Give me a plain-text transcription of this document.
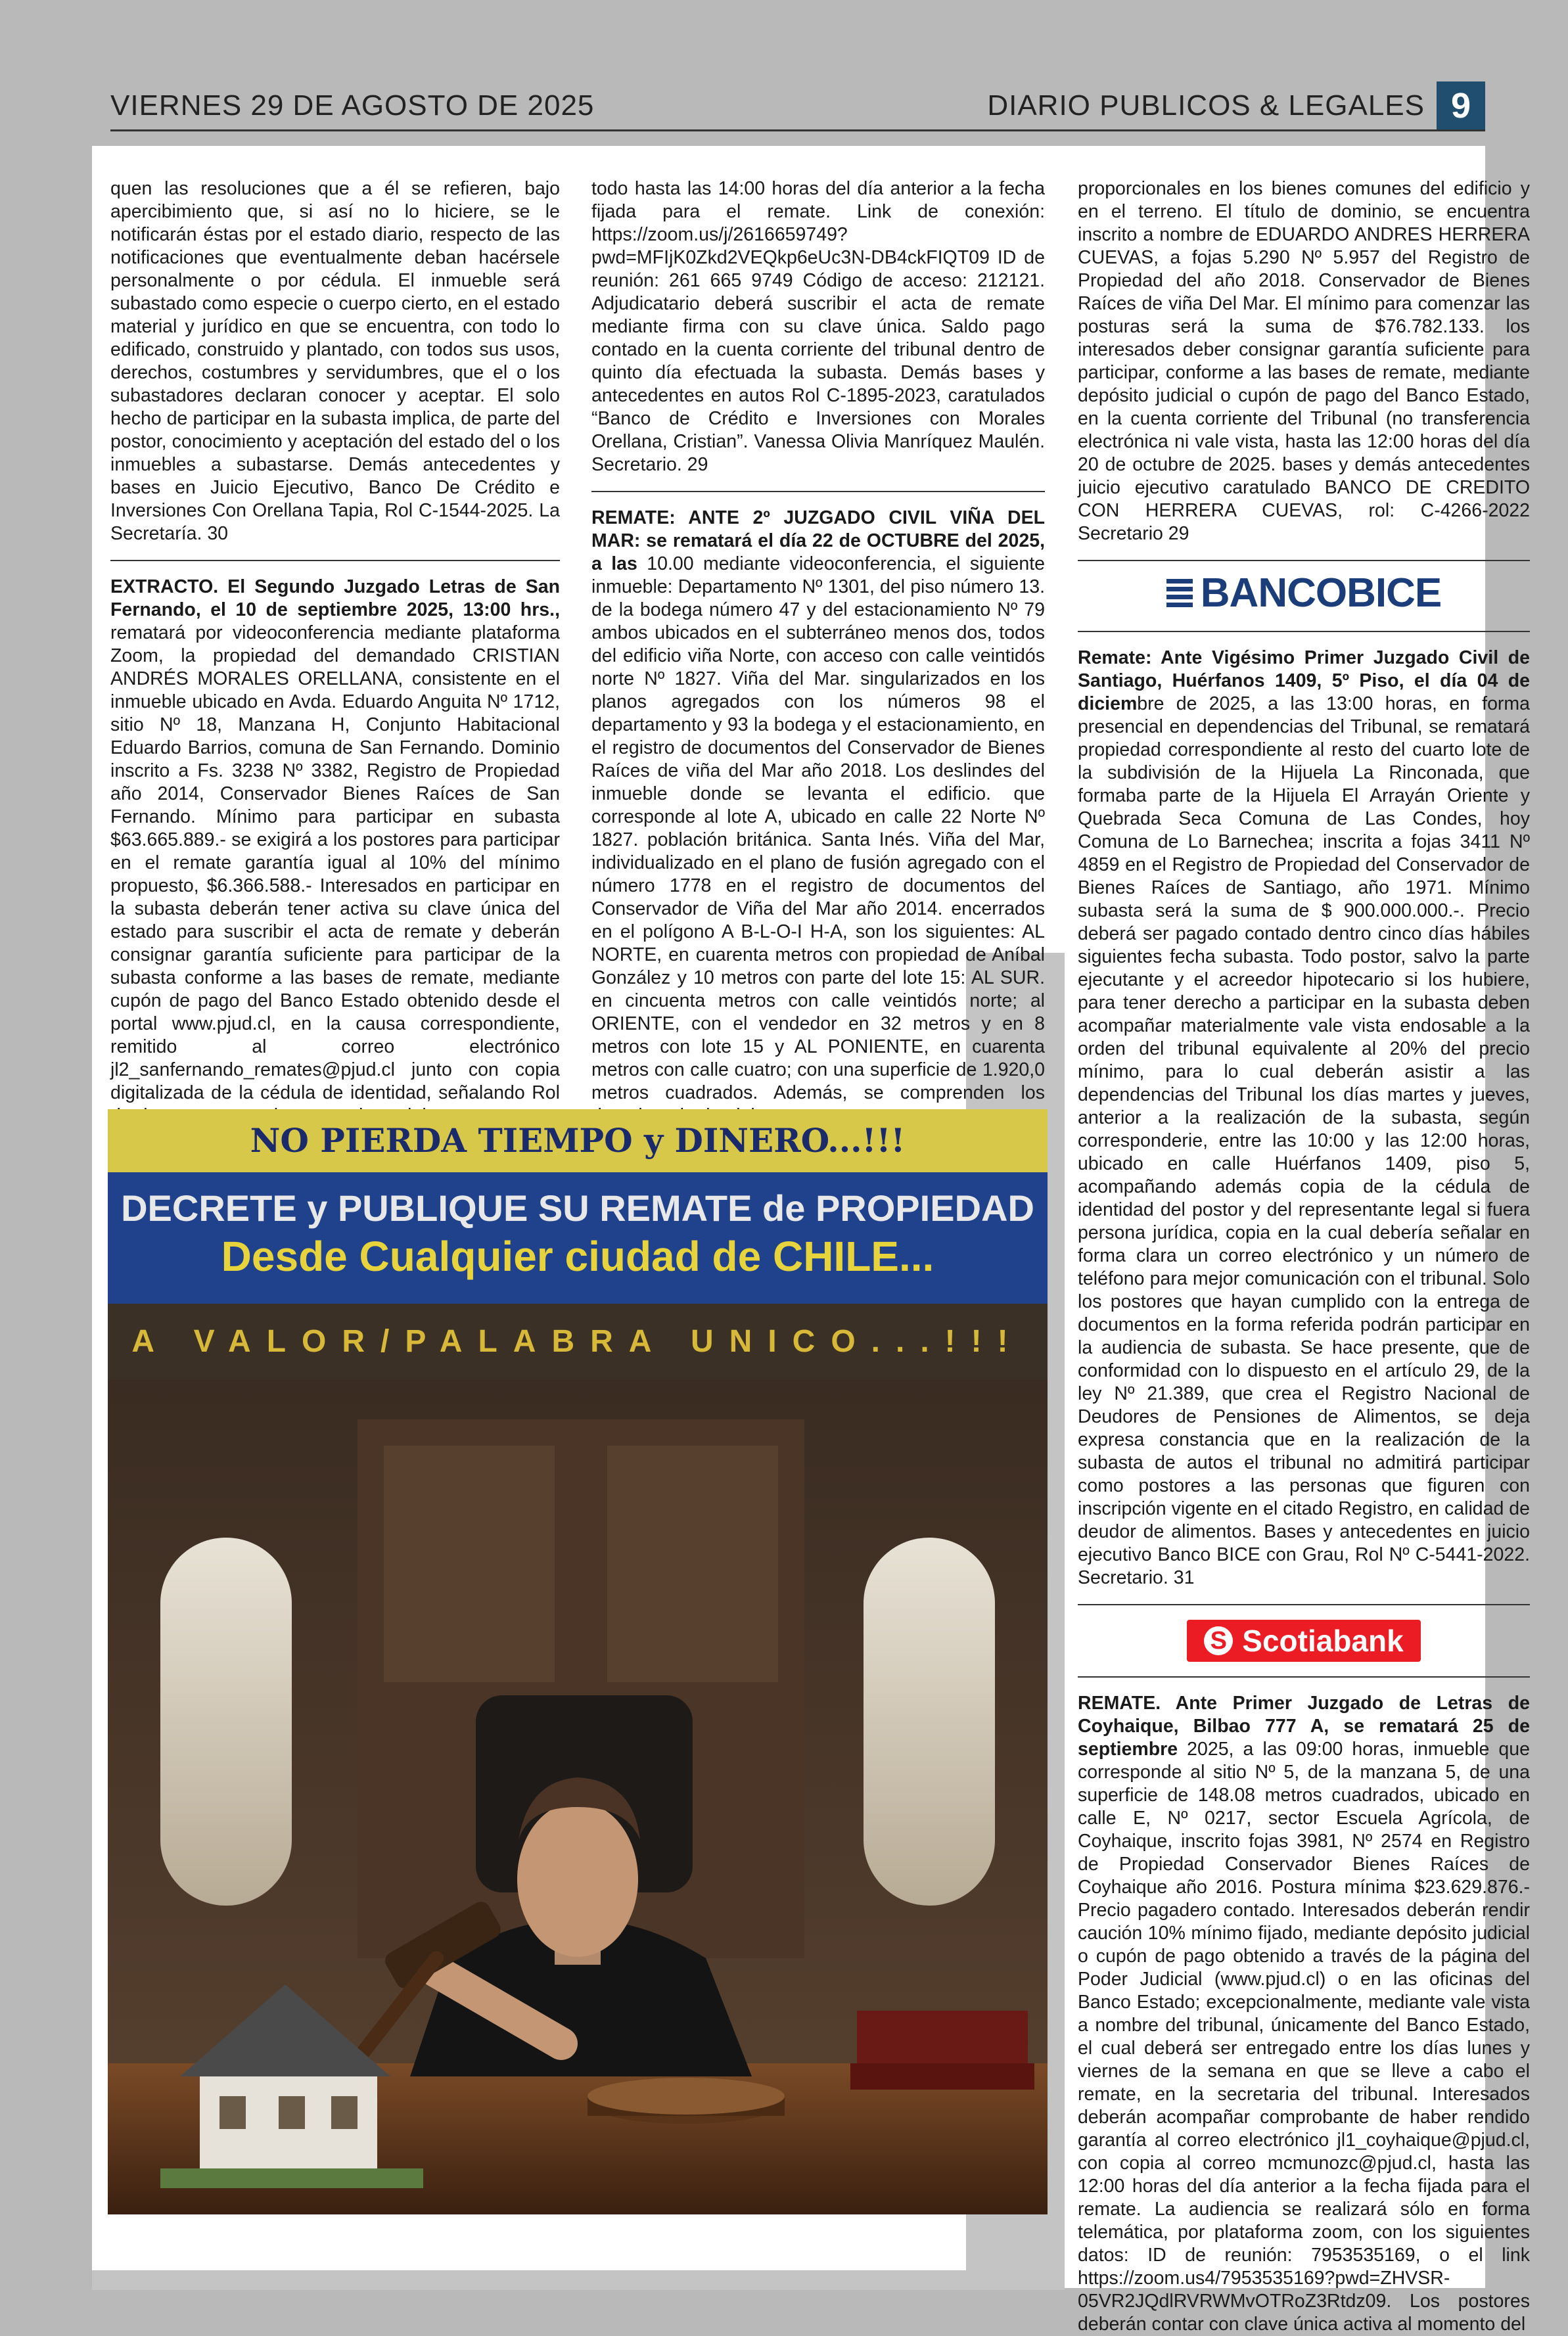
VIERNES 29 DE AGOSTO DE 2025	DIARIO PUBLICOS & LEGALES 9

quen las resoluciones que a él se refieren, bajo apercibimiento que, si así no lo hiciere, se le notificarán éstas por el estado diario, respecto de las notificaciones que eventualmente deban hacérsele personalmente o por cédula. El inmueble será subastado como especie o cuerpo cierto, en el estado material y jurídico en que se encuentra, con todo lo edificado, construido y plantado, con todos sus usos, derechos, costumbres y servidumbres, que el o los subastadores declaran conocer y aceptar. El solo hecho de participar en la subasta implica, de parte del postor, conocimiento y aceptación del estado del o los inmuebles a subastarse. Demás antecedentes y bases en Juicio Ejecutivo, Banco De Crédito e Inversiones Con Orellana Tapia, Rol C-1544-2025. La Secretaría. 30

EXTRACTO. El Segundo Juzgado Letras de San Fernando, el 10 de septiembre 2025, 13:00 hrs., rematará por videoconferencia mediante plataforma Zoom, la propiedad del demandado CRISTIAN ANDRÉS MORALES ORELLANA, consistente en el inmueble ubicado en Avda. Eduardo Anguita Nº 1712, sitio Nº 18, Manzana H, Conjunto Habitacional Eduardo Barrios, comuna de San Fernando. Dominio inscrito a Fs. 3238 Nº 3382, Registro de Propiedad año 2014, Conservador Bienes Raíces de San Fernando. Mínimo para participar en subasta $63.665.889.- se exigirá a los postores para participar en el remate garantía igual al 10% del mínimo propuesto, $6.366.588.- Interesados en participar en la subasta deberán tener activa su clave única del estado para suscribir el acta de remate y deberán consignar garantía suficiente para participar de la subasta conforme a las bases de remate, mediante cupón de pago del Banco Estado obtenido desde el portal www.pjud.cl, en la causa correspondiente, remitido al correo electrónico jl2_sanfernando_remates@pjud.cl junto con copia digitalizada de la cédula de identidad, señalando Rol

todo hasta las 14:00 horas del día anterior a la fecha fijada para el remate. Link de conexión: https://zoom.us/j/2616659749?pwd=MFIjK0Zkd2VEQkp6eUc3N-DB4ckFIQT09 ID de reunión: 261 665 9749 Código de acceso: 212121. Adjudicatario deberá suscribir el acta de remate mediante firma con su clave única. Saldo pago contado en la cuenta corriente del tribunal dentro de quinto día efectuada la subasta. Demás bases y antecedentes en autos Rol C-1895-2023, caratulados “Banco de Crédito e Inversiones con Morales Orellana, Cristian”. Vanessa Olivia Manríquez Maulén. Secretario. 29

REMATE: ANTE 2º JUZGADO CIVIL VIÑA DEL MAR: se rematará el día 22 de OCTUBRE del 2025, a las 10.00 mediante videoconferencia, el siguiente inmueble: Departamento Nº 1301, del piso número 13. de la bodega número 47 y del estacionamiento Nº 79 ambos ubicados en el subterráneo menos dos, todos del edificio viña Norte, con acceso con calle veintidós norte Nº 1827. Viña del Mar. singularizados en los planos agregados con los números 98 el departamento y 93 la bodega y el estacionamiento, en el registro de documentos del Conservador de Bienes Raíces de viña del Mar año 2018. Los deslindes del inmueble donde se levanta el edificio. que corresponde al lote A, ubicado en calle 22 Norte Nº 1827. población británica. Santa Inés. Viña del Mar, individualizado en el plano de fusión agregado con el número 1778 en el registro de documentos del Conservador de Viña del Mar año 2014. encerrados en el polígono A B-L-O-I H-A, son los siguientes: AL NORTE, en cuarenta metros con propiedad de Aníbal González y 10 metros con parte del lote 15: AL SUR. en cincuenta metros con calle veintidós norte; al ORIENTE, con el vendedor en 32 metros y en 8 metros con lote 15 y AL PONIENTE, en cuarenta metros con calle cuatro; con una superficie de 1.920,0 metros cuadrados. Además, se comprenden los

proporcionales en los bienes comunes del edificio y en el terreno. El título de dominio, se encuentra inscrito a nombre de EDUARDO ANDRES HERRERA CUEVAS, a fojas 5.290 Nº 5.957 del Registro de Propiedad del año 2018. Conservador de Bienes Raíces de viña Del Mar. El mínimo para comenzar las posturas será la suma de $76.782.133. los interesados deber consignar garantía suficiente para participar, conforme a las bases de remate, mediante depósito judicial o cupón de pago del Banco Estado, en la cuenta corriente del Tribunal (no transferencia electrónica ni vale vista, hasta las 12:00 horas del día 20 de octubre de 2025. bases y demás antecedentes juicio ejecutivo caratulado BANCO DE CREDITO CON HERRERA CUEVAS, rol: C-4266-2022 Secretario 29

BANCOBICE

Remate: Ante Vigésimo Primer Juzgado Civil de Santiago, Huérfanos 1409, 5º Piso, el día 04 de diciembre de 2025, a las 13:00 horas, en forma presencial en dependencias del Tribunal, se rematará propiedad correspondiente al resto del cuarto lote de la subdivisión de la Hijuela La Rinconada, que formaba parte de la Hijuela El Arrayán Oriente y Quebrada Seca Comuna de Las Condes, hoy Comuna de Lo Barnechea; inscrita a fojas 3411 Nº 4859 en el Registro de Propiedad del Conservador de Bienes Raíces de Santiago, año 1971. Mínimo subasta será la suma de $ 900.000.000.-. Precio deberá ser pagado contado dentro cinco días hábiles siguientes fecha subasta. Todo postor, salvo la parte ejecutante y el acreedor hipotecario si los hubiere, para tener derecho a participar en la subasta deben acompañar materialmente vale vista endosable a la orden del tribunal equivalente al 20% del precio mínimo, para lo cual deberán asistir a las dependencias del Tribunal los días martes y jueves, anterior a la realización de la subasta, según corresponderie, entre las 10:00 y las 12:00 horas, ubicado en calle Huérfanos 1409, piso 5, acompañando además copia de la cédula de identidad del postor y del representante legal si fuera persona jurídica, copia en la cual debería señalar en forma clara un correo electrónico y un número de teléfono para mejor comunicación con el tribunal. Solo los postores que hayan cumplido con la entrega de documentos en la forma referida podrán participar en la audiencia de subasta. Se hace presente, que de conformidad con lo dispuesto en el artículo 29, de la ley Nº 21.389, que crea el Registro Nacional de Deudores de Pensiones de Alimentos, se deja expresa constancia que en la realización de la subasta de autos el tribunal no admitirá participar como postores a las personas que figuren con inscripción vigente en el citado Registro, en calidad de deudor de alimentos. Bases y antecedentes en juicio ejecutivo Banco BICE con Grau, Rol Nº C-5441-2022. Secretario. 31

S Scotiabank

REMATE. Ante Primer Juzgado de Letras de Coyhaique, Bilbao 777 A, se rematará 25 de septiembre 2025, a las 09:00 horas, inmueble que corresponde al sitio Nº 5, de la manzana 5, de una superficie de 148.08 metros cuadrados, ubicado en calle E, Nº 0217, sector Escuela Agrícola, de Coyhaique, inscrito fojas 3981, Nº 2574 en Registro de Propiedad Conservador Bienes Raíces de Coyhaique año 2016. Postura mínima $23.629.876.- Precio pagadero contado. Interesados deberán rendir caución 10% mínimo fijado, mediante depósito judicial o cupón de pago obtenido a través de la página del Poder Judicial (www.pjud.cl) o en las oficinas del Banco Estado; excepcionalmente, mediante vale vista a nombre del tribunal, únicamente del Banco Estado, el cual deberá ser entregado entre los días lunes y viernes de la semana en que se lleve a cabo el remate, en la secretaria del tribunal. Interesados deberán acompañar comprobante de haber rendido garantía al correo electrónico jl1_coyhaique@pjud.cl, con copia al correo mcmunozc@pjud.cl, hasta las 12:00 horas del día anterior a la fecha fijada para el remate. La audiencia se realizará sólo en forma telemática, por plataforma zoom, con los siguientes datos: ID de reunión: 7953535169, o el link https://zoom.us4/7953535169?pwd=ZHVSR-05VR2JQdlRVRWMvOTRoZ3Rtdz09. Los postores deberán contar con clave única activa al momento del

NO PIERDA TIEMPO y DINERO...!!!
DECRETE y PUBLIQUE SU REMATE de PROPIEDAD
Desde Cualquier ciudad de CHILE...
A VALOR/PALABRA UNICO...!!!
